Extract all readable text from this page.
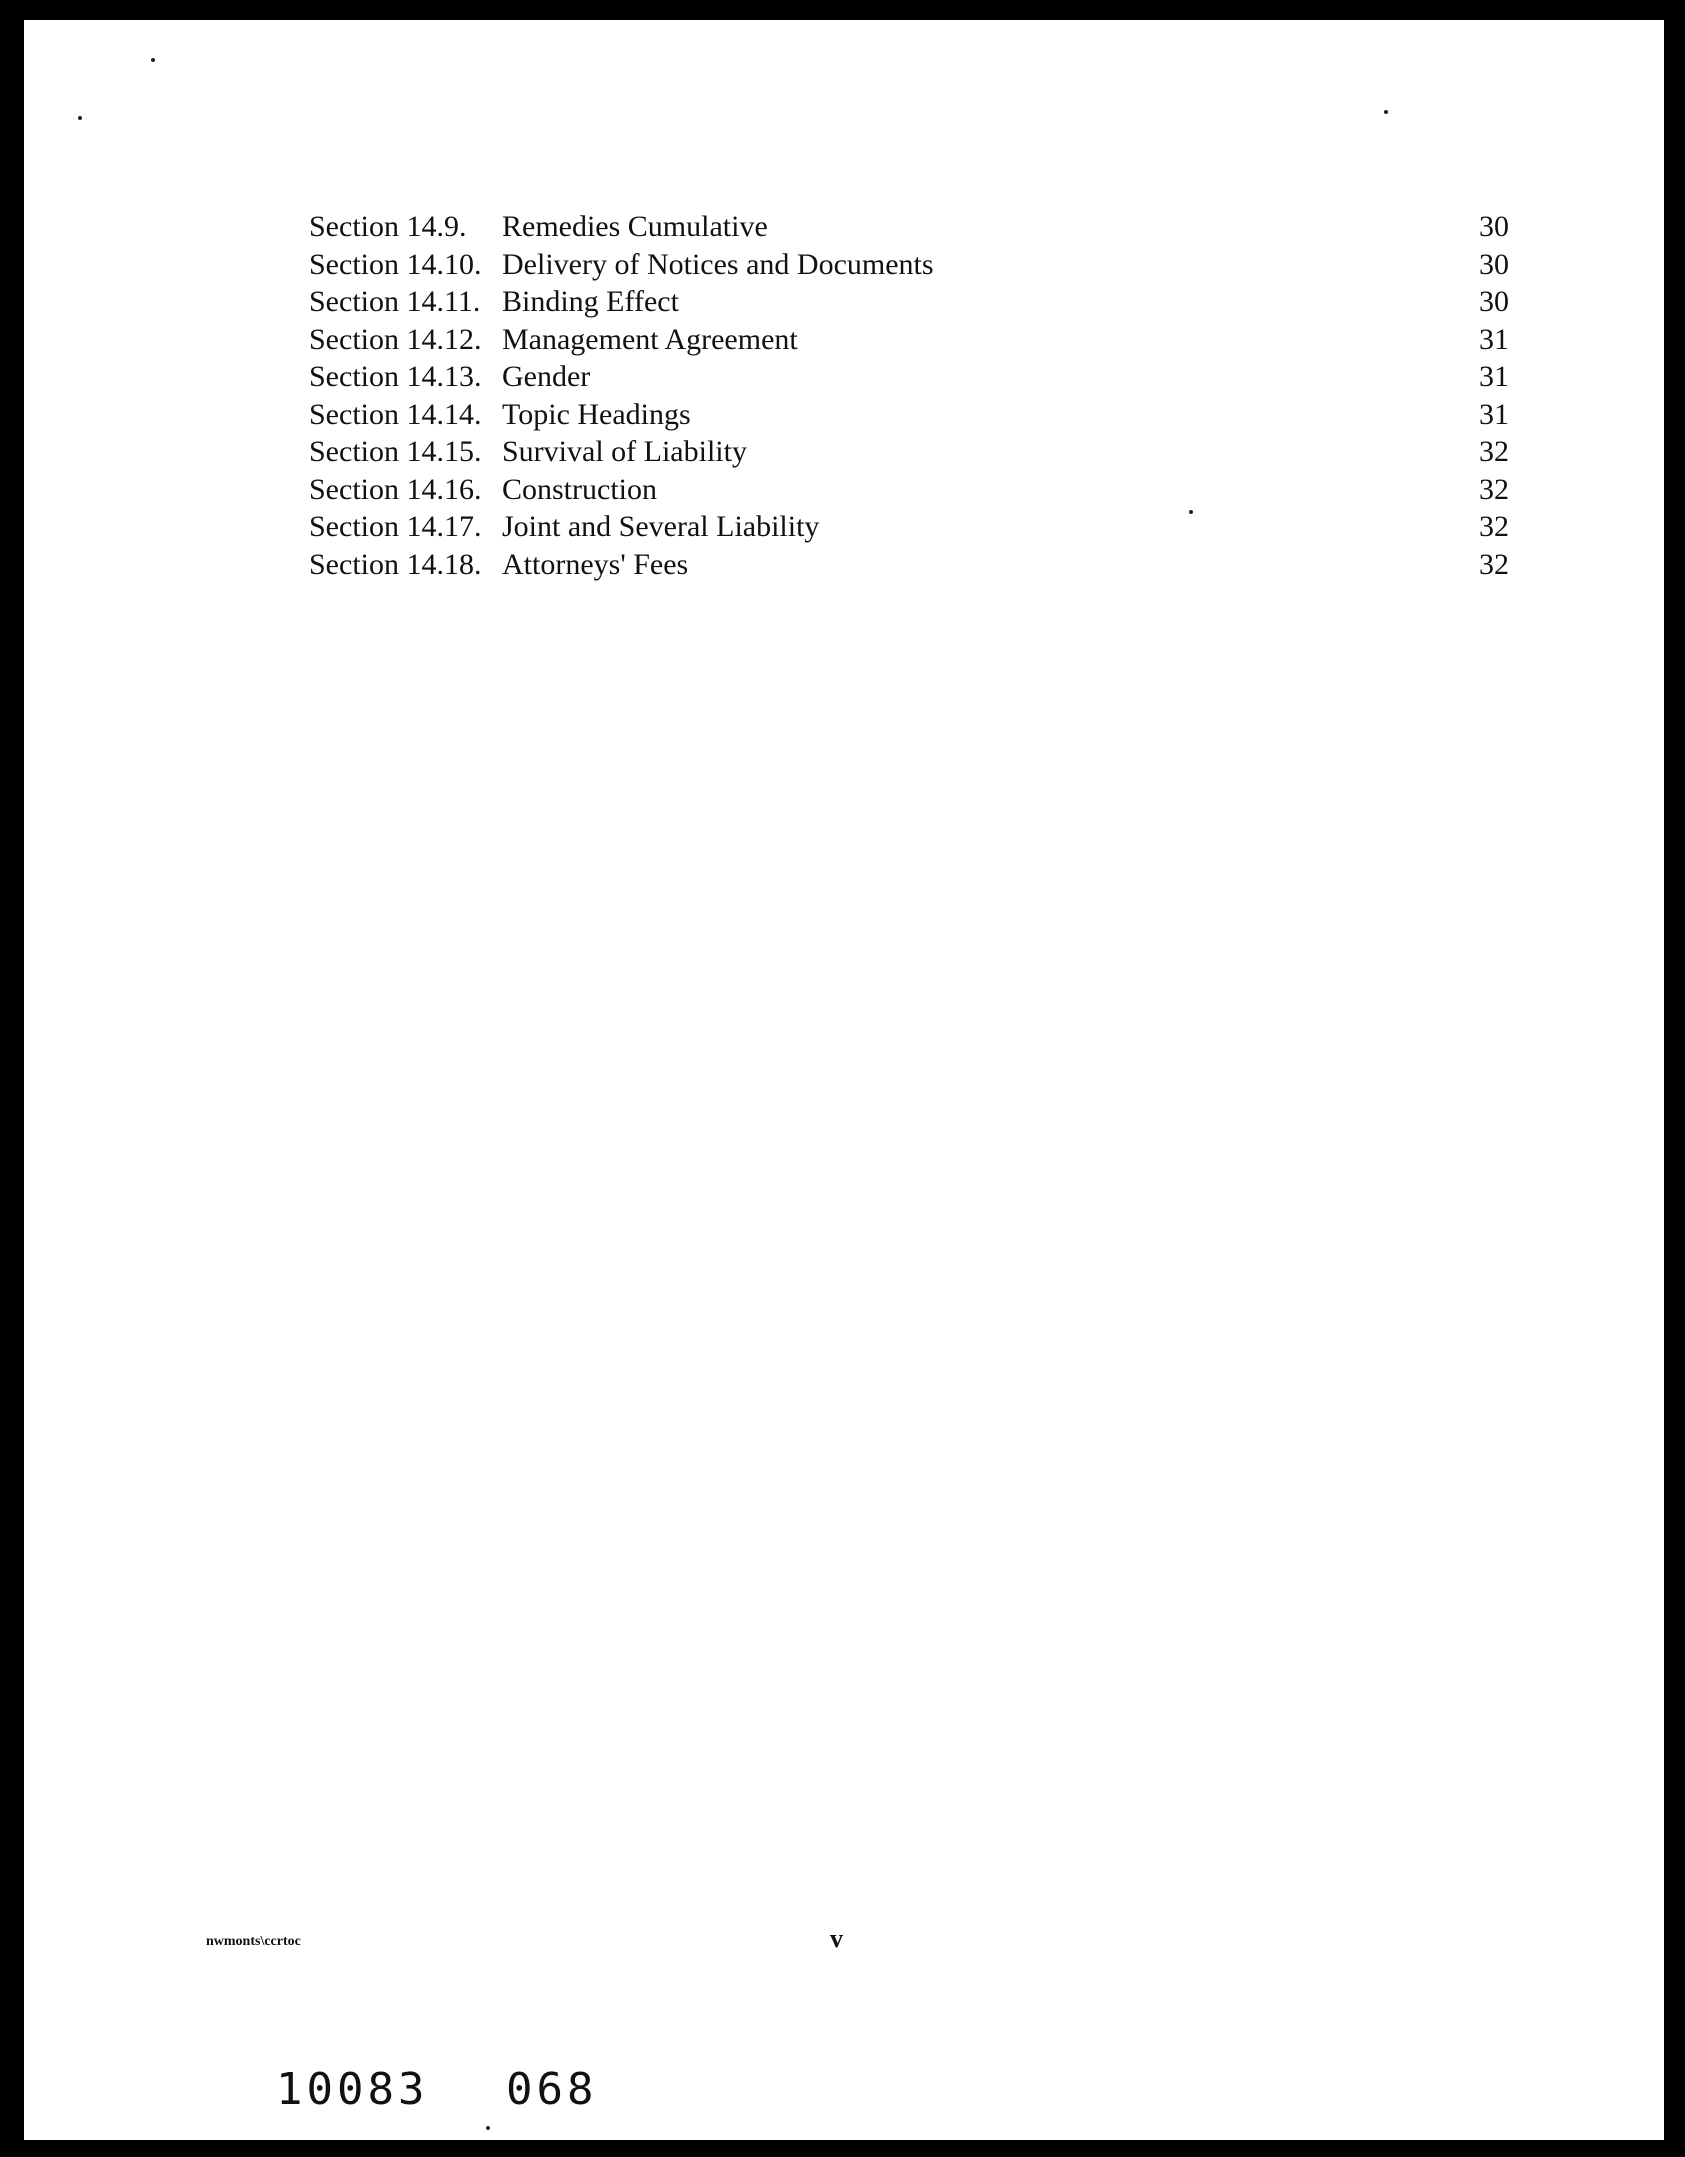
Section 14.9. Remedies Cumulative	30
Section 14.10. Delivery of Notices and Documents	30
Section 14.11. Binding Effect	30
Section 14.12. Management Agreement	31
Section 14.13. Gender	31
Section 14.14. Topic Headings	31
Section 14.15. Survival of Liability	32
Section 14.16. Construction	32
Section 14.17. Joint and Several Liability	32
Section 14.18. Attorneys' Fees	32
nwmonts\ccrtoc	v
10083 068
